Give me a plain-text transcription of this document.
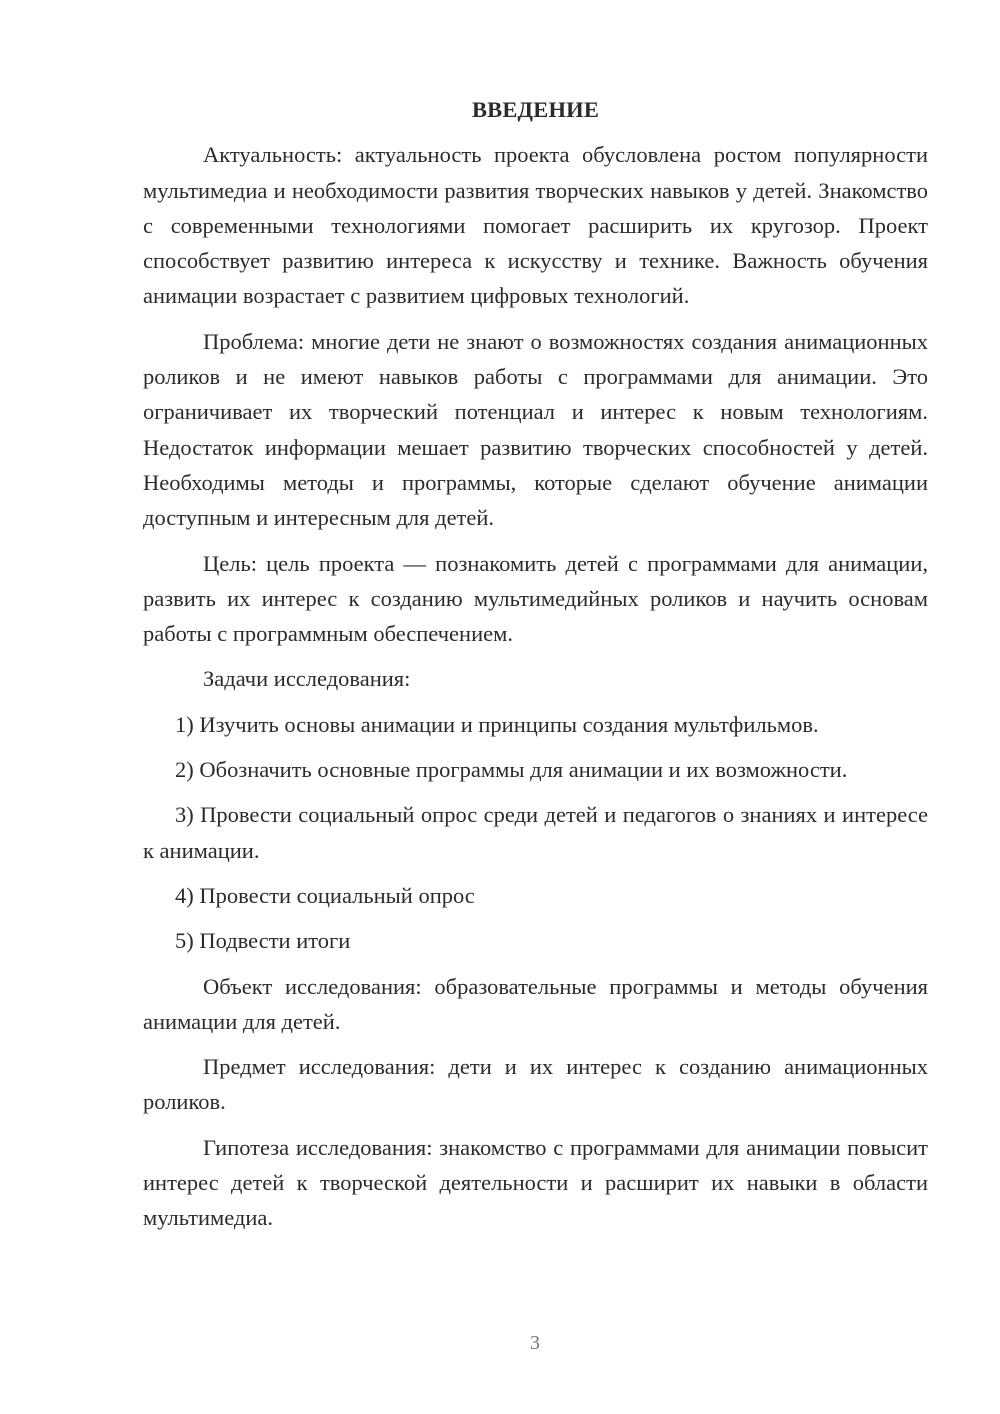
ВВЕДЕНИЕ

Актуальность: актуальность проекта обусловлена ростом популярности мультимедиа и необходимости развития творческих навыков у детей. Знакомство с современными технологиями помогает расширить их кругозор. Проект способствует развитию интереса к искусству и технике. Важность обучения анимации возрастает с развитием цифровых технологий.

Проблема: многие дети не знают о возможностях создания анимационных роликов и не имеют навыков работы с программами для анимации. Это ограничивает их творческий потенциал и интерес к новым технологиям. Недостаток информации мешает развитию творческих способностей у детей. Необходимы методы и программы, которые сделают обучение анимации доступным и интересным для детей.

Цель: цель проекта — познакомить детей с программами для анимации, развить их интерес к созданию мультимедийных роликов и научить основам работы с программным обеспечением.

Задачи исследования:

1) Изучить основы анимации и принципы создания мультфильмов.

2) Обозначить основные программы для анимации и их возможности.

3) Провести социальный опрос среди детей и педагогов о знаниях и интересе к анимации.

4) Провести социальный опрос

5) Подвести итоги

Объект исследования: образовательные программы и методы обучения анимации для детей.

Предмет исследования: дети и их интерес к созданию анимационных роликов.

Гипотеза исследования: знакомство с программами для анимации повысит интерес детей к творческой деятельности и расширит их навыки в области мультимедиа.

3
